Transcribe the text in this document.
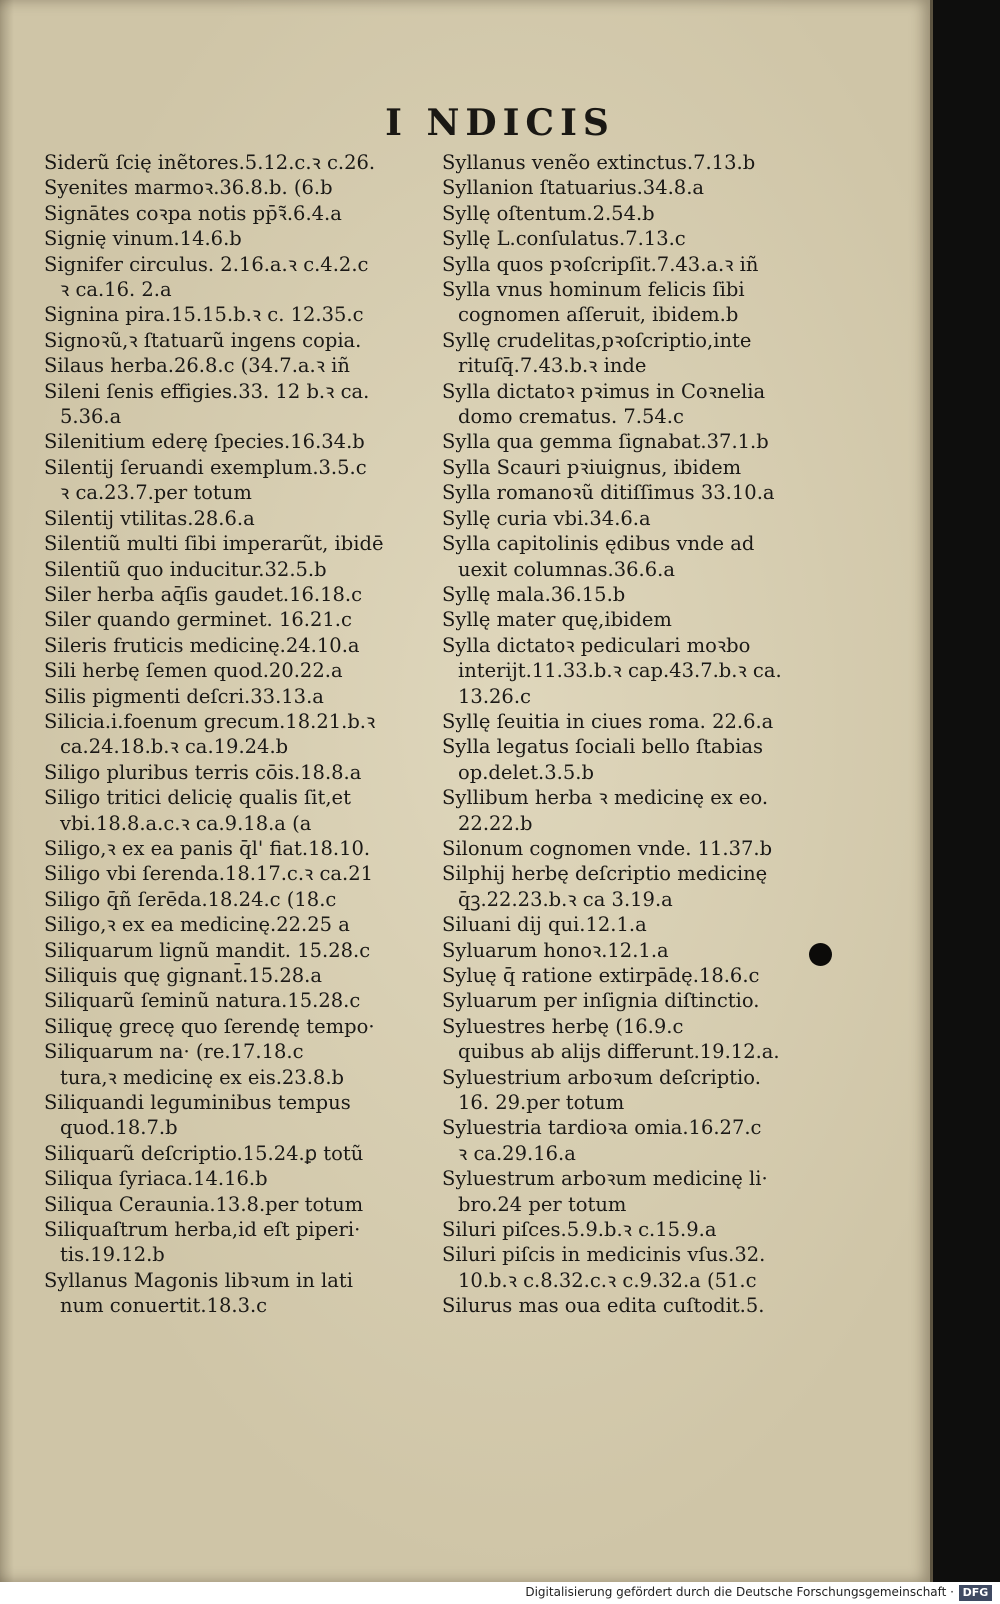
I NDICIS
Siderũ ſcię inẽtores.5.12.c.ꝛ c.26.
Syenites marmoꝛ.36.8.b. (6.b
Signātes coꝛpa notis pp̄ꝛ̃.6.4.a
Signię vinum.14.6.b
Signifer circulus. 2.16.a.ꝛ c.4.2.c
ꝛ ca.16. 2.a
Signina pira.15.15.b.ꝛ c. 12.35.c
Signoꝛũ,ꝛ ſtatuarũ ingens copia.
Silaus herba.26.8.c (34.7.a.ꝛ iñ
Sileni ſenis effigies.33. 12 b.ꝛ ca.
5.36.a
Silenitium ederę ſpecies.16.34.b
Silentij ſeruandi exemplum.3.5.c
ꝛ ca.23.7.per totum
Silentij vtilitas.28.6.a
Silentiũ multi ſibi imperarũt, ibidē
Silentiũ quo inducitur.32.5.b
Siler herba aq̄ſis gaudet.16.18.c
Siler quando germinet. 16.21.c
Sileris fruticis medicinę.24.10.a
Sili herbę ſemen quod.20.22.a
Silis pigmenti deſcri.33.13.a
Silicia.i.foenum grecum.18.21.b.ꝛ
ca.24.18.b.ꝛ ca.19.24.b
Siligo pluribus terris cōis.18.8.a
Siligo tritici delicię qualis ſit,et
vbi.18.8.a.c.ꝛ ca.9.18.a (a
Siligo,ꝛ ex ea panis q̄l' fiat.18.10.
Siligo vbi ſerenda.18.17.c.ꝛ ca.21
Siligo q̄ñ ſerēda.18.24.c (18.c
Siligo,ꝛ ex ea medicinę.22.25 a
Siliquarum lignũ mandit. 15.28.c
Siliquis quę gignant̄.15.28.a
Siliquarũ ſeminũ natura.15.28.c
Siliquę grecę quo ſerendę tempo·
Siliquarum na· (re.17.18.c
tura,ꝛ medicinę ex eis.23.8.b
Siliquandi leguminibus tempus
quod.18.7.b
Siliquarũ deſcriptio.15.24.ꝑ totũ
Siliqua ſyriaca.14.16.b
Siliqua Ceraunia.13.8.per totum
Siliquaſtrum herba,id eſt piperi·
tis.19.12.b
Syllanus Magonis libꝛum in lati
num conuertit.18.3.c
Syllanus venẽo extinctus.7.13.b
Syllanion ſtatuarius.34.8.a
Syllę oſtentum.2.54.b
Syllę L.conſulatus.7.13.c
Sylla quos pꝛoſcripſit.7.43.a.ꝛ iñ
Sylla vnus hominum felicis ſibi
cognomen aſſeruit, ibidem.b
Syllę crudelitas,pꝛoſcriptio,inte
rituſq̄.7.43.b.ꝛ inde
Sylla dictatoꝛ pꝛimus in Coꝛnelia
domo crematus. 7.54.c
Sylla qua gemma ſignabat.37.1.b
Sylla Scauri pꝛiuignus, ibidem
Sylla romanoꝛũ ditiſſimus 33.10.a
Syllę curia vbi.34.6.a
Sylla capitolinis ędibus vnde ad
uexit columnas.36.6.a
Syllę mala.36.15.b
Syllę mater quę,ibidem
Sylla dictatoꝛ pediculari moꝛbo
interijt.11.33.b.ꝛ cap.43.7.b.ꝛ ca.
13.26.c
Syllę ſeuitia in ciues roma. 22.6.a
Sylla legatus ſociali bello ſtabias
op.delet.3.5.b
Syllibum herba ꝛ medicinę ex eo.
22.22.b
Silonum cognomen vnde. 11.37.b
Silphij herbę deſcriptio medicinę
q̄ꝫ.22.23.b.ꝛ ca 3.19.a
Siluani dij qui.12.1.a
Syluarum honoꝛ.12.1.a
Syluę q̄ ratione extirpādę.18.6.c
Syluarum per inſignia diſtinctio.
Syluestres herbę (16.9.c
quibus ab alijs differunt.19.12.a.
Syluestrium arboꝛum deſcriptio.
16. 29.per totum
Syluestria tardioꝛa omia.16.27.c
ꝛ ca.29.16.a
Syluestrum arboꝛum medicinę li·
bro.24 per totum
Siluri piſces.5.9.b.ꝛ c.15.9.a
Siluri piſcis in medicinis vſus.32.
10.b.ꝛ c.8.32.c.ꝛ c.9.32.a (51.c
Silurus mas oua edita cuſtodit.5.
Digitalisierung gefördert durch die Deutsche Forschungsgemeinschaft · DFG
